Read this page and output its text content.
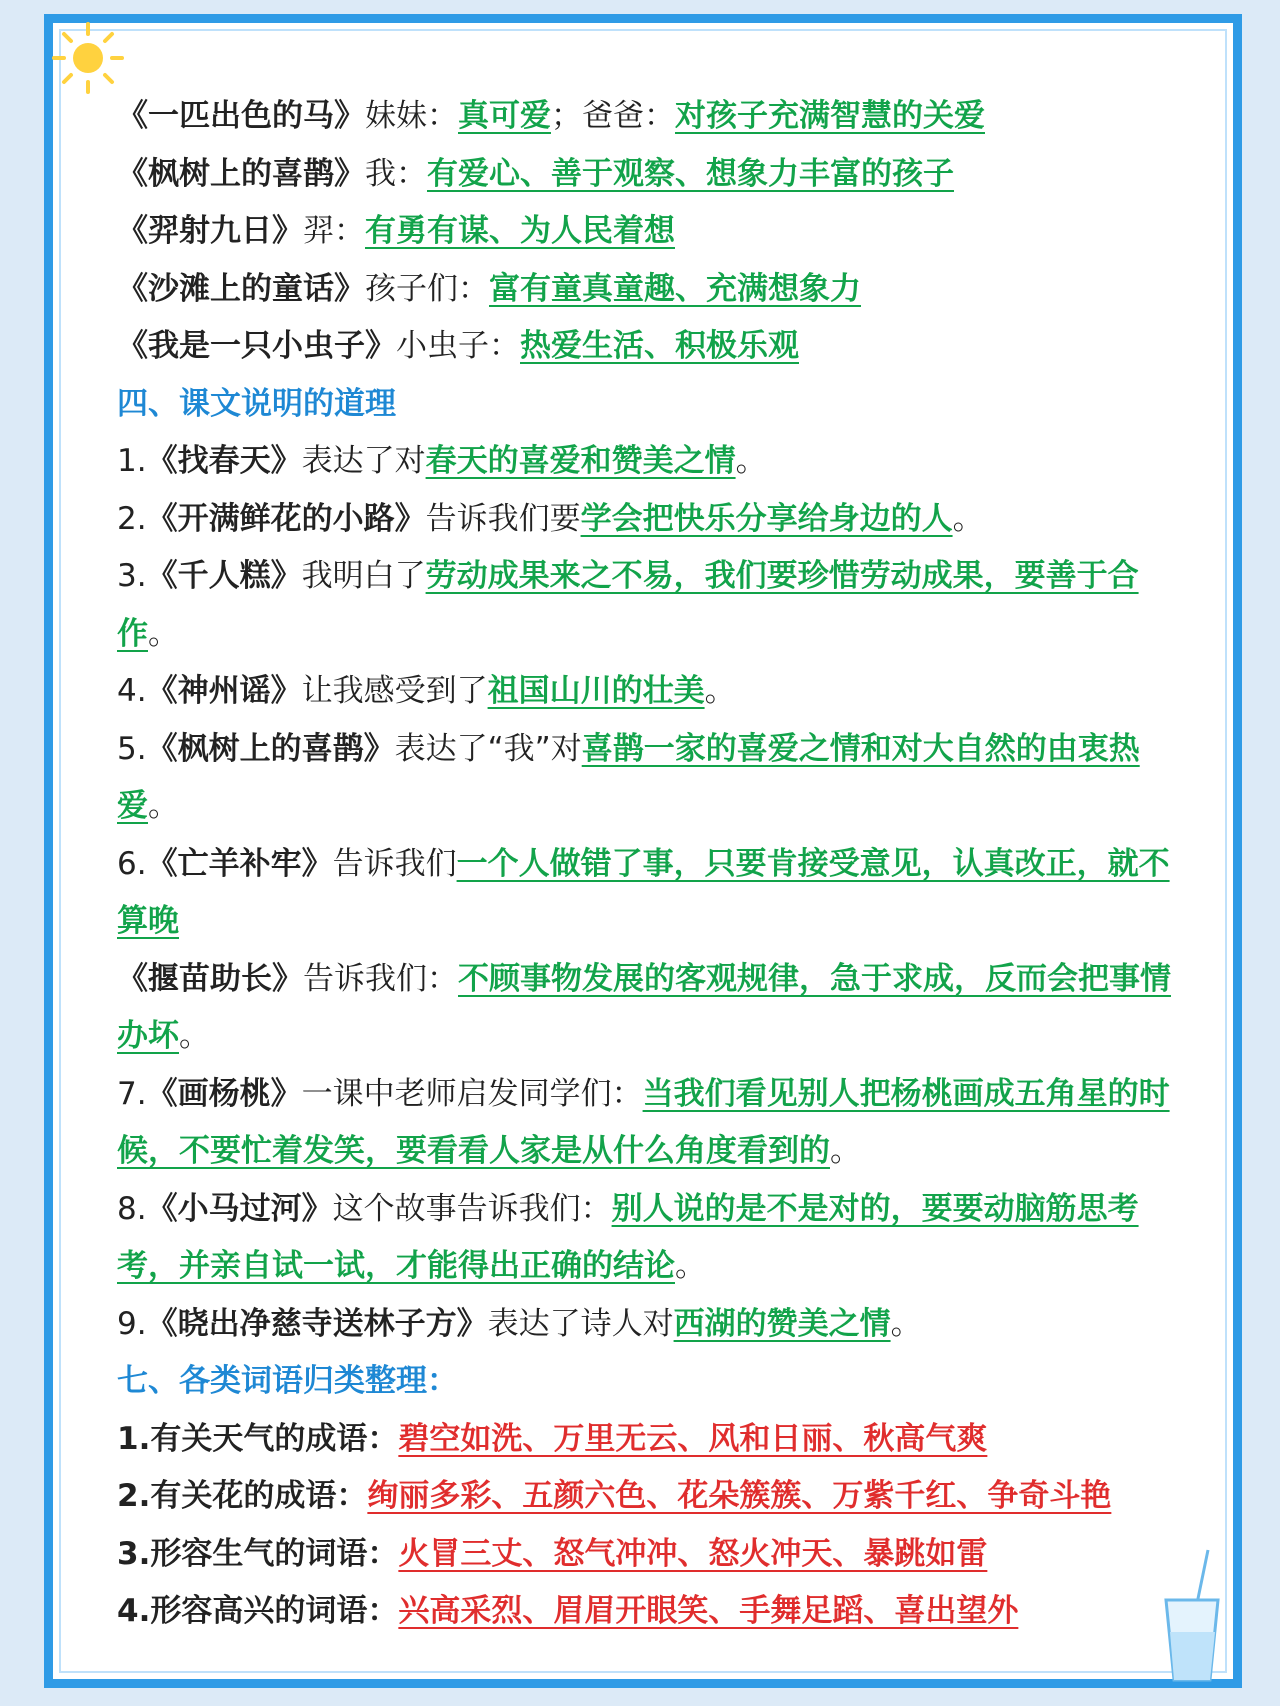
《一匹出色的马》妹妹：真可爱；爸爸：对孩子充满智慧的关爱
《枫树上的喜鹊》我：有爱心、善于观察、想象力丰富的孩子
《羿射九日》羿：有勇有谋、为人民着想
《沙滩上的童话》孩子们：富有童真童趣、充满想象力
《我是一只小虫子》小虫子：热爱生活、积极乐观
四、课文说明的道理
1.《找春天》表达了对春天的喜爱和赞美之情。
2.《开满鲜花的小路》告诉我们要学会把快乐分享给身边的人。
3.《千人糕》我明白了劳动成果来之不易，我们要珍惜劳动成果，要善于合作。
4.《神州谣》让我感受到了祖国山川的壮美。
5.《枫树上的喜鹊》表达了“我”对喜鹊一家的喜爱之情和对大自然的由衷热爱。
6.《亡羊补牢》告诉我们一个人做错了事，只要肯接受意见，认真改正，就不算晚
《揠苗助长》告诉我们：不顾事物发展的客观规律，急于求成，反而会把事情办坏。
7.《画杨桃》一课中老师启发同学们：当我们看见别人把杨桃画成五角星的时候，不要忙着发笑，要看看人家是从什么角度看到的。
8.《小马过河》这个故事告诉我们：别人说的是不是对的，要要动脑筋思考考，并亲自试一试，才能得出正确的结论。
9.《晓出净慈寺送林子方》表达了诗人对西湖的赞美之情。
七、各类词语归类整理：
1.有关天气的成语：碧空如洗、万里无云、风和日丽、秋高气爽
2.有关花的成语：绚丽多彩、五颜六色、花朵簇簇、万紫千红、争奇斗艳
3.形容生气的词语：火冒三丈、怒气冲冲、怒火冲天、暴跳如雷
4.形容高兴的词语：兴高采烈、眉眉开眼笑、手舞足蹈、喜出望外
